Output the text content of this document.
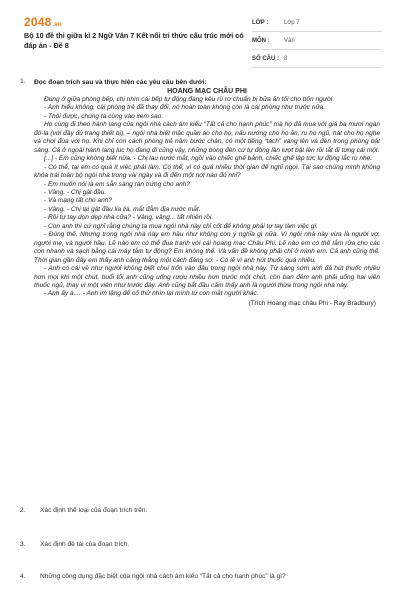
2048.vn
Bộ 10 đề thi giữa kì 2 Ngữ Văn 7 Kết nối tri thức cấu trúc mới có đáp án - Đề 8
LỚP :	Lớp 7
MÔN : Văn
SỐ CÂU : 8
1. Đọc đoạn trích sau và thực hiện các yêu cầu bên dưới:

HOANG MẠC CHÂU PHI

Đúng ở giữa phòng bếp, chị nhìn cái bếp tự động đang kêu rù rơ chuẩn bị bữa ăn tối cho bốn người.

- Anh hiểu không, cái phòng trẻ đã thay đổi, nó hoàn toàn không còn là cái phòng như trước nữa.

- Thôi được, chúng ta cùng vào xem sao.

Họ cùng đi theo hành lang của ngôi nhà cách âm kiểu “Tất cả cho hạnh phúc” mà họ đã mua với giá ba mươi ngàn đô-la (với đầy đủ trang thiết bị), – ngôi nhà biết mặc quần áo cho họ, nấu nướng cho họ ăn, ru họ ngủ, hát cho họ nghe và chơi đùa với họ. Khi chỉ còn cách phòng trẻ năm bước chân, có một tiếng “tách” vang lên và đèn trong phòng bật sáng. Cả ở ngoài hành lang lúc họ đang đi cũng vậy, những bóng đèn cứ tự động lần lượt bật lên rồi tắt đi từng cái một.

[...] - Em cũng không biết nữa. - Chị lau nước mắt, ngồi vào chiếc ghế bành, chiếc ghế lập tức tự động lắc ru nhẹ.

- Có thể, tại em có quá ít việc phải làm. Có thể, vì có quá nhiều thời gian để nghĩ ngợi. Tại sao chúng mình không khóa trái toàn bộ ngôi nhà trong vài ngày và đi đến một nơi nào đó nhỉ?

- Em muốn nói là em sẵn sàng rán trứng cho anh?

- Vâng. - Chị gật đầu.

- Và mạng tất cho anh?

- Vâng. - Chị lại gật đầu lia lịa, mắt đẫm địa nước mắt.

- Rồi tự tay dọn dẹp nhà cửa? - Vâng, vâng... tất nhiên rồi.

- Còn anh thì cứ nghĩ rằng chúng ta mua ngôi nhà này chỉ cốt để không phải tự tay làm việc gì.

- Đúng thế. Nhưng trong ngôi nhà này em hầu như không còn ý nghĩa gì nữa. Vì ngôi nhà này vừa là người vợ, người mẹ, và người hầu. Lẽ nào em có thể đua tranh với cái hoang mạc Châu Phi. Lẽ nào em có thể tắm rửa cho các con nhanh và sạch bằng cái máy tắm tự động? Em không thể. Và vấn đề không phải chỉ ở mình em. Cả anh cũng thế. Thời gian gần đây em thấy anh căng thẳng một cách đáng sợ. - Có lẽ vì anh hút thuốc quá nhiều.

- Anh có cái về như người không biết chui trốn vào đâu trong ngôi nhà này. Từ sáng sớm anh đã hút thuốc nhiều hơn mọi khi một chút, buổi tối anh cũng uống rượu nhiều hơn trước một chút, còn ban đêm anh phải uống hai viên thuốc ngủ, thay vì một viên như trước đây. Anh cũng bắt đầu cảm thấy anh là người thừa trong ngôi nhà này.

- Anh ấy à.... - Anh im lặng để cố thử nhìn lại mình từ con mắt người khác.

(Trích Hoang mạc châu Phi - Ray Bradbury)

2. Xác định thể loại của đoạn trích trên.
3. Xác định đề tài của đoạn trích.
4. Những công dụng đặc biệt của ngôi nhà cách âm kiểu “Tất cả cho hạnh phúc” là gì?
